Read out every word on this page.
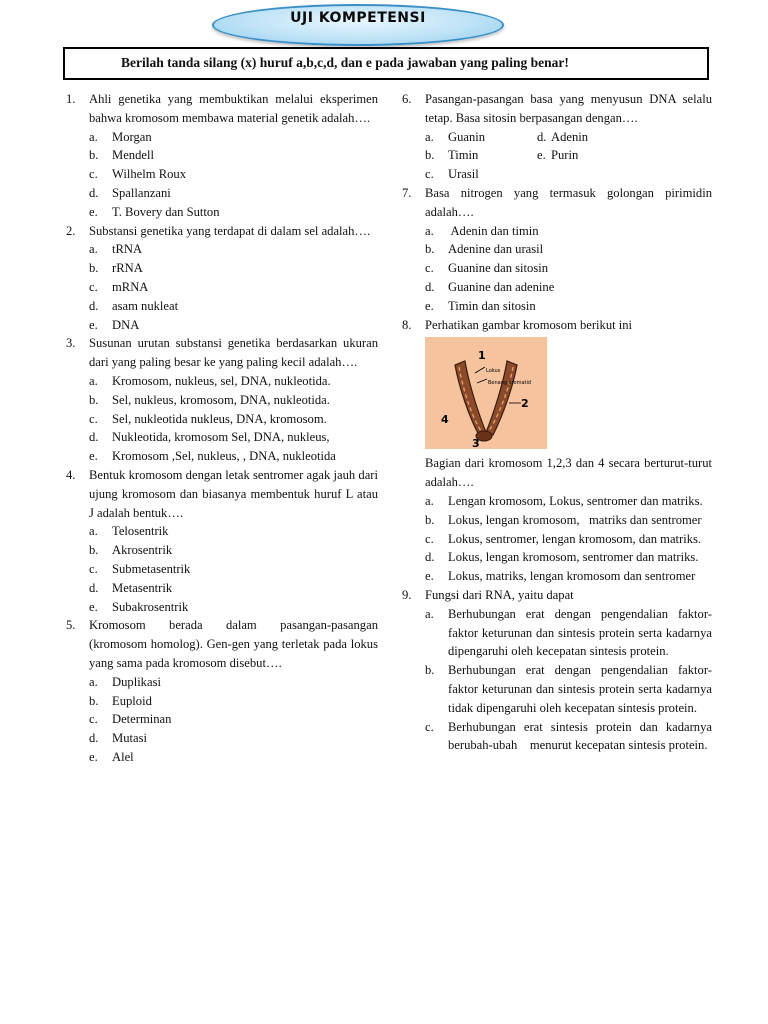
UJI KOMPETENSI
Berilah tanda silang (x) huruf a,b,c,d, dan e pada jawaban yang paling benar!
1.	Ahli genetika yang membuktikan melalui eksperimen bahwa kromosom membawa material genetik adalah….
a.	Morgan
b.	Mendell
c.	Wilhelm Roux
d.	Spallanzani
e.	T. Bovery dan Sutton
2.	Substansi genetika yang terdapat di dalam sel adalah….
a.	tRNA
b.	rRNA
c.	mRNA
d.	asam nukleat
e.	DNA
3.	Susunan urutan substansi genetika berdasarkan ukuran dari yang paling besar ke yang paling kecil adalah….
a.	Kromosom, nukleus, sel, DNA, nukleotida.
b.	Sel, nukleus, kromosom, DNA, nukleotida.
c.	Sel, nukleotida nukleus, DNA, kromosom.
d.	Nukleotida, kromosom Sel, DNA, nukleus,
e.	Kromosom ,Sel, nukleus, , DNA, nukleotida
4.	Bentuk kromosom dengan letak sentromer agak jauh dari ujung kromosom dan biasanya membentuk huruf L atau J adalah bentuk….
a.	Telosentrik
b.	Akrosentrik
c.	Submetasentrik
d.	Metasentrik
e.	Subakrosentrik
5.	Kromosom berada dalam pasangan-pasangan (kromosom homolog). Gen-gen yang terletak pada lokus yang sama pada kromosom disebut….
a.	Duplikasi
b.	Euploid
c.	Determinan
d.	Mutasi
e.	Alel
6.	Pasangan-pasangan basa yang menyusun DNA selalu tetap. Basa sitosin berpasangan dengan….
a.	Guanin	d. Adenin
b.	Timin	e. Purin
c.	Urasil
7.	Basa nitrogen yang termasuk golongan pirimidin adalah….
a.	Adenin dan timin
b.	Adenine dan urasil
c.	Guanine dan sitosin
d.	Guanine dan adenine
e.	Timin dan sitosin
8.	Perhatikan gambar kromosom berikut ini
1
2
3
4
Lokus
Benang kromatid
Bagian dari kromosom 1,2,3 dan 4 secara berturut-turut adalah….
a.	Lengan kromosom, Lokus, sentromer dan matriks.
b.	Lokus, lengan kromosom,   matriks dan sentromer
c.	Lokus, sentromer, lengan kromosom, dan matriks.
d.	Lokus, lengan kromosom, sentromer dan matriks.
e.	Lokus, matriks, lengan kromosom dan sentromer
9.	Fungsi dari RNA, yaitu dapat
a.	Berhubungan erat dengan pengendalian faktor-faktor keturunan dan sintesis protein serta kadarnya dipengaruhi oleh kecepatan sintesis protein.
b.	Berhubungan erat dengan pengendalian faktor-faktor keturunan dan sintesis protein serta kadarnya tidak dipengaruhi oleh kecepatan sintesis protein.
c.	Berhubungan erat sintesis protein dan kadarnya berubah-ubah    menurut kecepatan sintesis protein.
